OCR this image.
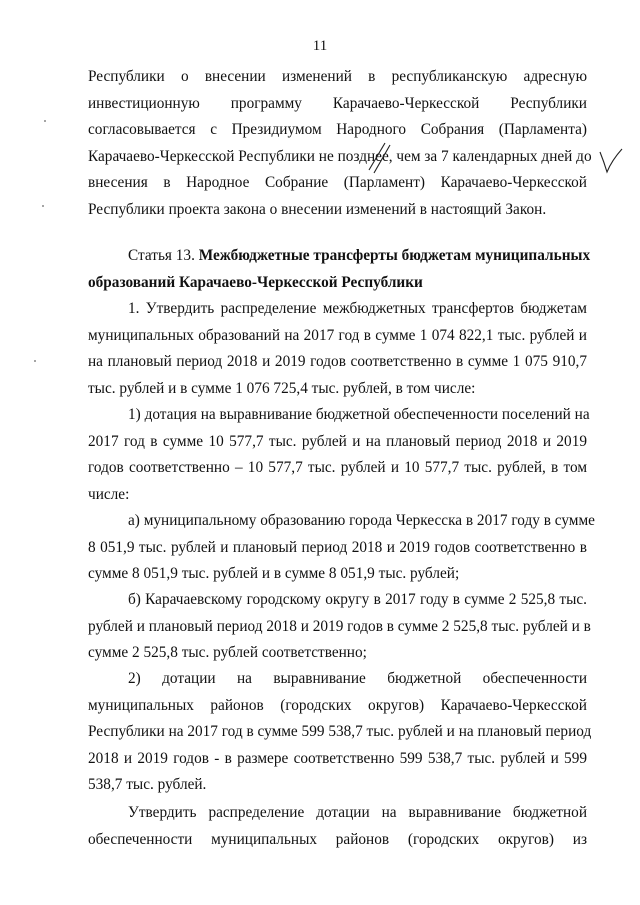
11
Республики о внесении изменений в республиканскую адресную
инвестиционную программу Карачаево-Черкесской Республики
согласовывается с Президиумом Народного Собрания (Парламента)
Карачаево-Черкесской Республики не позднее, чем за 7 календарных дней до
внесения в Народное Собрание (Парламент) Карачаево-Черкесской
Республики проекта закона о внесении изменений в настоящий Закон.
Статья 13. Межбюджетные трансферты бюджетам муниципальных
образований Карачаево-Черкесской Республики
1. Утвердить распределение межбюджетных трансфертов бюджетам
муниципальных образований на 2017 год в сумме 1 074 822,1 тыс. рублей и
на плановый период 2018 и 2019 годов соответственно в сумме 1 075 910,7
тыс. рублей и в сумме 1 076 725,4 тыс. рублей, в том числе:
1) дотация на выравнивание бюджетной обеспеченности поселений на
2017 год в сумме 10 577,7 тыс. рублей и на плановый период 2018 и 2019
годов соответственно – 10 577,7 тыс. рублей и 10 577,7 тыс. рублей, в том
числе:
а) муниципальному образованию города Черкесска в 2017 году в сумме
8 051,9 тыс. рублей и плановый период 2018 и 2019 годов соответственно в
сумме 8 051,9 тыс. рублей и в сумме 8 051,9 тыс. рублей;
б) Карачаевскому городскому округу в 2017 году в сумме 2 525,8 тыс.
рублей и плановый период 2018 и 2019 годов в сумме 2 525,8 тыс. рублей и в
сумме 2 525,8 тыс. рублей соответственно;
2) дотации на выравнивание бюджетной обеспеченности
муниципальных районов (городских округов) Карачаево-Черкесской
Республики на 2017 год в сумме 599 538,7 тыс. рублей и на плановый период
2018 и 2019 годов - в размере соответственно 599 538,7 тыс. рублей и 599
538,7 тыс. рублей.
Утвердить распределение дотации на выравнивание бюджетной
обеспеченности муниципальных районов (городских округов) из
